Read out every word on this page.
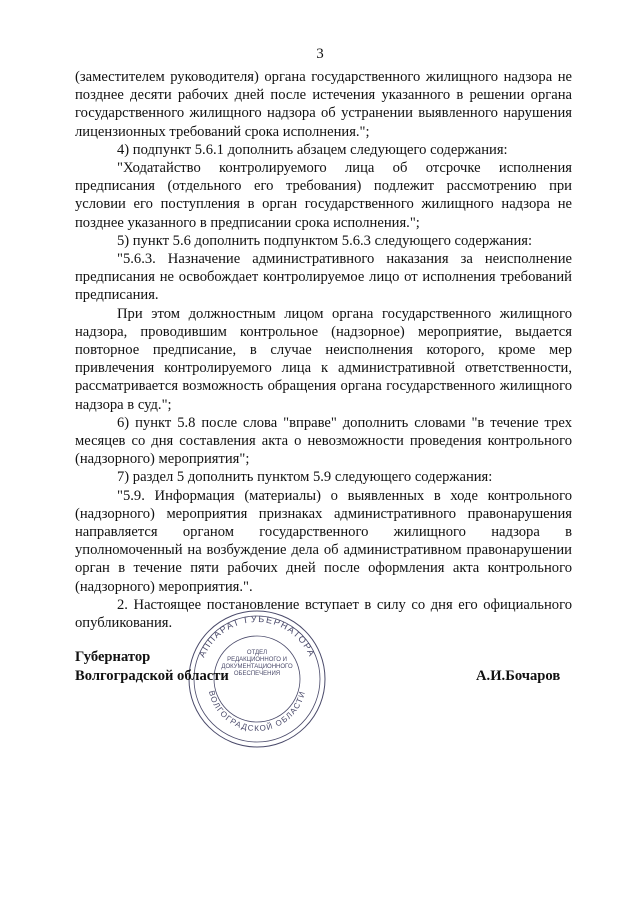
3

(заместителем руководителя) органа государственного жилищного надзора не позднее десяти рабочих дней после истечения указанного в решении органа государственного жилищного надзора об устранении выявленного нарушения лицензионных требований срока исполнения.";

4) подпункт 5.6.1 дополнить абзацем следующего содержания:

"Ходатайство контролируемого лица об отсрочке исполнения предписания (отдельного его требования) подлежит рассмотрению при условии его поступления в орган государственного жилищного надзора не позднее указанного в предписании срока исполнения.";

5) пункт 5.6 дополнить подпунктом 5.6.3 следующего содержания:

"5.6.3. Назначение административного наказания за неисполнение предписания не освобождает контролируемое лицо от исполнения требований предписания.

При этом должностным лицом органа государственного жилищного надзора, проводившим контрольное (надзорное) мероприятие, выдается повторное предписание, в случае неисполнения которого, кроме мер привлечения контролируемого лица к административной ответственности, рассматривается возможность обращения органа государственного жилищного надзора в суд.";

6) пункт 5.8 после слова "вправе" дополнить словами "в течение трех месяцев со дня составления акта о невозможности проведения контрольного (надзорного) мероприятия";

7) раздел 5 дополнить пунктом 5.9 следующего содержания:

"5.9. Информация (материалы) о выявленных в ходе контрольного (надзорного) мероприятия признаках административного правонарушения направляется органом государственного жилищного надзора в уполномоченный на возбуждение дела об административном правонарушении орган в течение пяти рабочих дней после оформления акта контрольного (надзорного) мероприятия.".

2. Настоящее постановление вступает в силу со дня его официального опубликования.

АППАРАТ ГУБЕРНАТОРА
ВОЛГОГРАДСКОЙ ОБЛАСТИ
ОТДЕЛ
РЕДАКЦИОННОГО И
ДОКУМЕНТАЦИОННОГО
ОБЕСПЕЧЕНИЯ
Губернатор
Волгоградской области	А.И.Бочаров
